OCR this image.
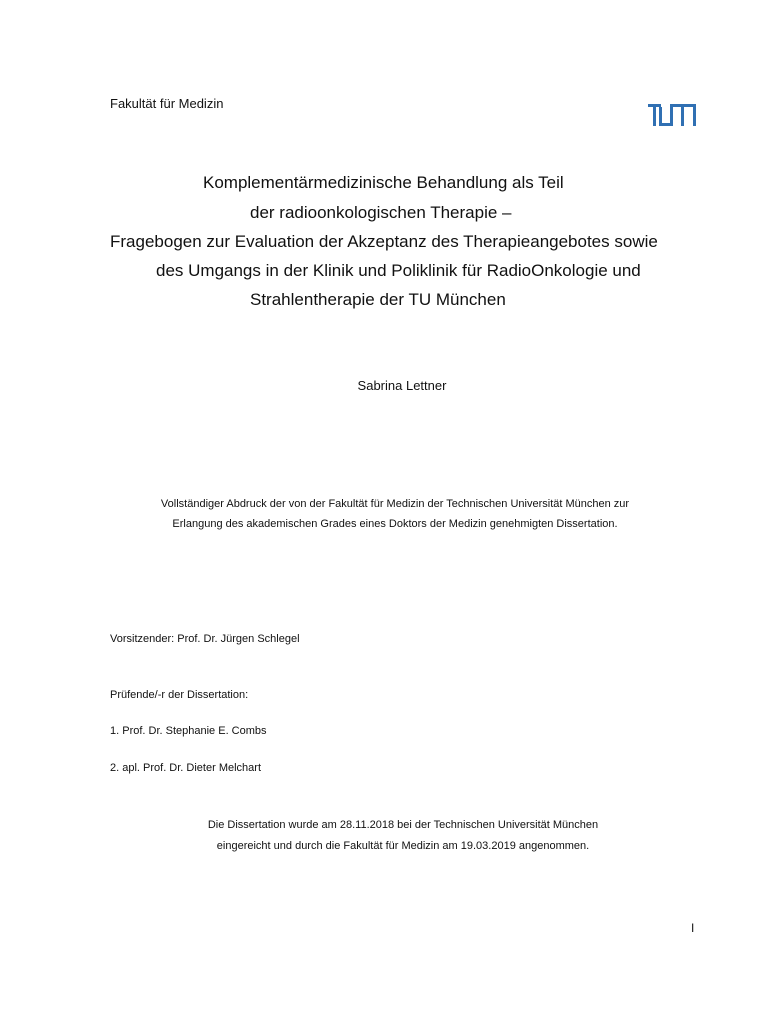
Fakultät für Medizin
Komplementärmedizinische Behandlung als Teil
der radioonkologischen Therapie –
Fragebogen zur Evaluation der Akzeptanz des Therapieangebotes sowie
des Umgangs in der Klinik und Poliklinik für RadioOnkologie und
Strahlentherapie der TU München
Sabrina Lettner
Vollständiger Abdruck der von der Fakultät für Medizin der Technischen Universität München zur
Erlangung des akademischen Grades eines Doktors der Medizin genehmigten Dissertation.
Vorsitzender: Prof. Dr. Jürgen Schlegel
Prüfende/-r der Dissertation:
1. Prof. Dr. Stephanie E. Combs
2. apl. Prof. Dr. Dieter Melchart
Die Dissertation wurde am 28.11.2018 bei der Technischen Universität München
eingereicht und durch die Fakultät für Medizin am 19.03.2019 angenommen.
I
